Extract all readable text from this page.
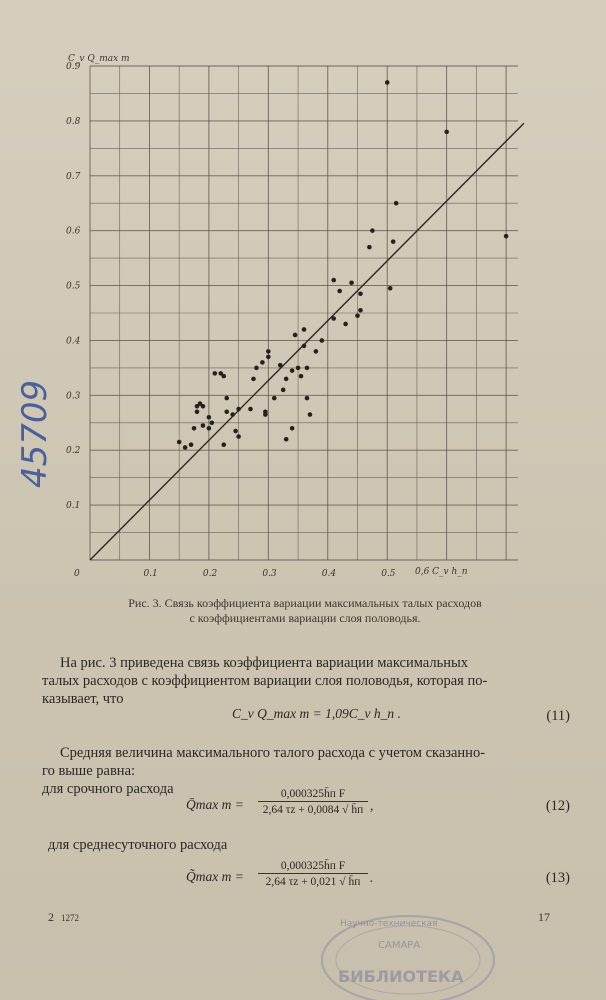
45709
0	0.1	0.2	0.3	0.4	0.5
0.1
0.2
0.3
0.4
0.5
0.6
0.7
0.8
0.9
C_v Q_max т
0,6 C_v h_п
Рис. 3. Связь коэффициента вариации максимальных талых расходов
с коэффициентами вариации слоя половодья.
На рис. 3 приведена связь коэффициента вариации максимальных
талых расходов с коэффициентом вариации слоя половодья, которая по-
казывает, что
C_v Q_max т = 1,09C_v h_п .	(11)
Средняя величина максимального талого расхода с учетом сказанно-
го выше равна:
для срочного расхода
Q̄max т =
0,000325h̄п F
2,64 τz + 0,0084 √ h̄п ,	(12)
для среднесуточного расхода
Q̃max т =
0,000325h̄п F
2,64 τz + 0,021 √ h̄п .	(13)
2 1272	17
Научно-техническая
САМАРА
БИБЛИОТЕКА
